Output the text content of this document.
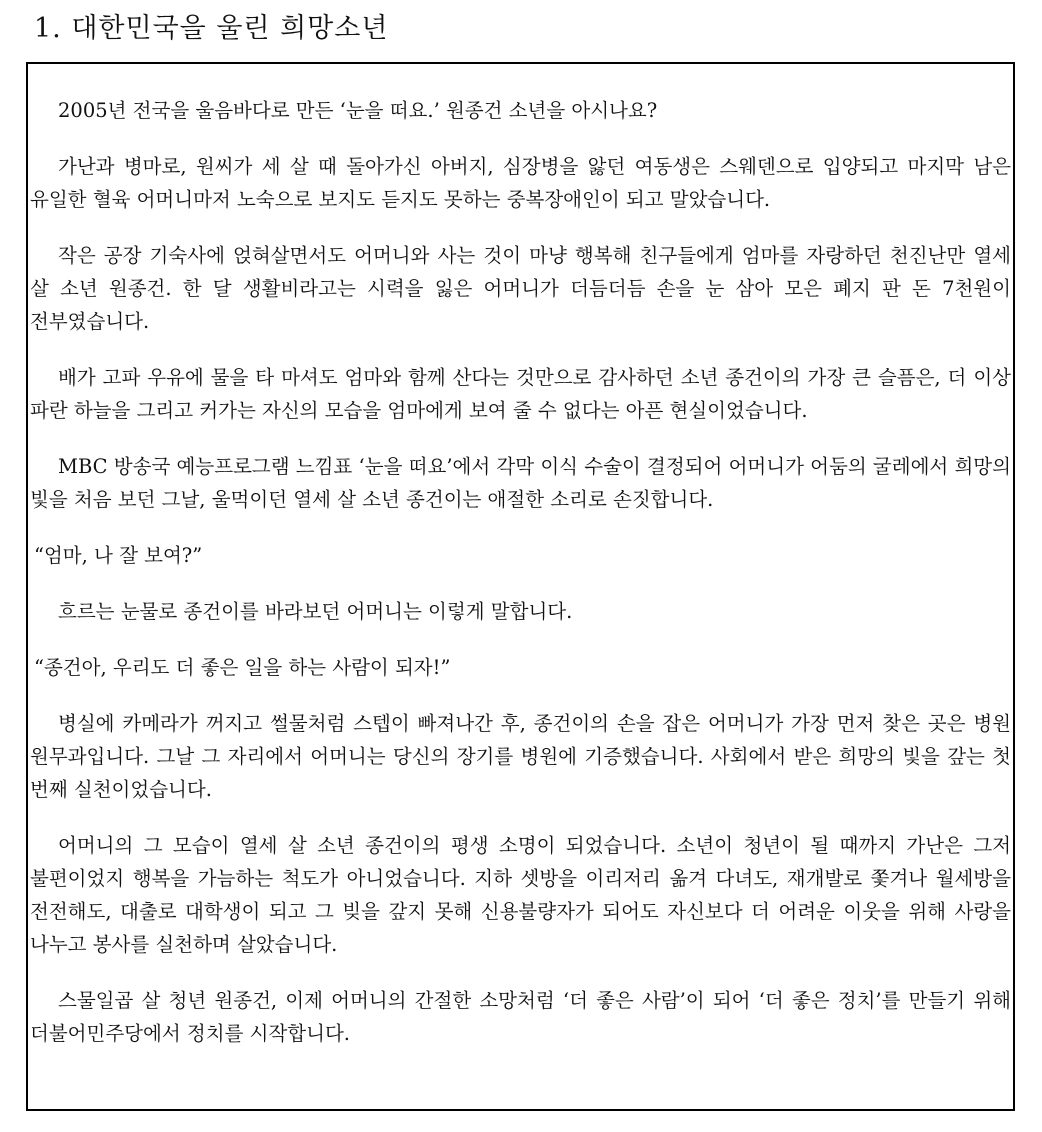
1. 대한민국을 울린 희망소년

2005년 전국을 울음바다로 만든 ‘눈을 떠요.’ 원종건 소년을 아시나요?

가난과 병마로, 원씨가 세 살 때 돌아가신 아버지, 심장병을 앓던 여동생은 스웨덴으로 입양되고 마지막 남은 유일한 혈육 어머니마저 노숙으로 보지도 듣지도 못하는 중복장애인이 되고 말았습니다.

작은 공장 기숙사에 얹혀살면서도 어머니와 사는 것이 마냥 행복해 친구들에게 엄마를 자랑하던 천진난만 열세 살 소년 원종건. 한 달 생활비라고는 시력을 잃은 어머니가 더듬더듬 손을 눈 삼아 모은 폐지 판 돈 7천원이 전부였습니다.

배가 고파 우유에 물을 타 마셔도 엄마와 함께 산다는 것만으로 감사하던 소년 종건이의 가장 큰 슬픔은, 더 이상 파란 하늘을 그리고 커가는 자신의 모습을 엄마에게 보여 줄 수 없다는 아픈 현실이었습니다.

MBC 방송국 예능프로그램 느낌표 ‘눈을 떠요’에서 각막 이식 수술이 결정되어 어머니가 어둠의 굴레에서 희망의 빛을 처음 보던 그날, 울먹이던 열세 살 소년 종건이는 애절한 소리로 손짓합니다.

“엄마, 나 잘 보여?”

흐르는 눈물로 종건이를 바라보던 어머니는 이렇게 말합니다.

“종건아, 우리도 더 좋은 일을 하는 사람이 되자!”

병실에 카메라가 꺼지고 썰물처럼 스텝이 빠져나간 후, 종건이의 손을 잡은 어머니가 가장 먼저 찾은 곳은 병원 원무과입니다. 그날 그 자리에서 어머니는 당신의 장기를 병원에 기증했습니다. 사회에서 받은 희망의 빛을 갚는 첫 번째 실천이었습니다.

어머니의 그 모습이 열세 살 소년 종건이의 평생 소명이 되었습니다. 소년이 청년이 될 때까지 가난은 그저 불편이었지 행복을 가늠하는 척도가 아니었습니다. 지하 셋방을 이리저리 옮겨 다녀도, 재개발로 쫓겨나 월세방을 전전해도, 대출로 대학생이 되고 그 빚을 갚지 못해 신용불량자가 되어도 자신보다 더 어려운 이웃을 위해 사랑을 나누고 봉사를 실천하며 살았습니다.

스물일곱 살 청년 원종건, 이제 어머니의 간절한 소망처럼 ‘더 좋은 사람’이 되어 ‘더 좋은 정치’를 만들기 위해 더불어민주당에서 정치를 시작합니다.
